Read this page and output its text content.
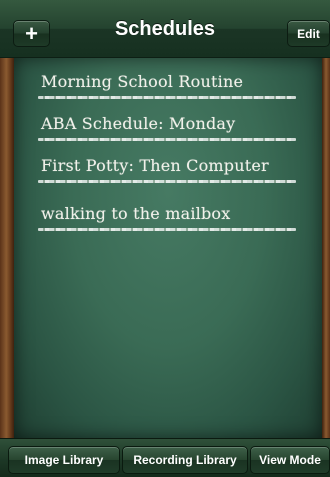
+	Schedules	Edit
Morning School Routine
ABA Schedule: Monday
First Potty: Then Computer
walking to the mailbox
Image Library	Recording Library	View Mode
